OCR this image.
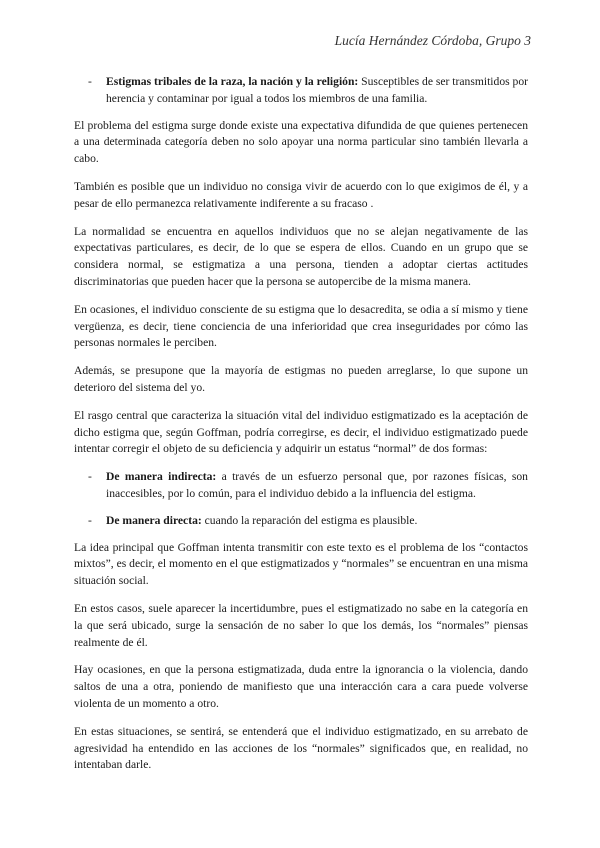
Lucía Hernández Córdoba, Grupo 3
-	Estigmas tribales de la raza, la nación y la religión: Susceptibles de ser transmitidos por herencia y contaminar por igual a todos los miembros de una familia.

El problema del estigma surge donde existe una expectativa difundida de que quienes pertenecen a una determinada categoría deben no solo apoyar una norma particular sino también llevarla a cabo.

También es posible que un individuo no consiga vivir de acuerdo con lo que exigimos de él, y a pesar de ello permanezca relativamente indiferente a su fracaso .

La normalidad se encuentra en aquellos individuos que no se alejan negativamente de las expectativas particulares, es decir, de lo que se espera de ellos. Cuando en un grupo que se considera normal, se estigmatiza a una persona, tienden a adoptar ciertas actitudes discriminatorias que pueden hacer que la persona se autopercibe de la misma manera.

En ocasiones, el individuo consciente de su estigma que lo desacredita, se odia a sí mismo y tiene vergüenza, es decir, tiene conciencia de una inferioridad que crea inseguridades por cómo las personas normales le perciben.

Además, se presupone que la mayoría de estigmas no pueden arreglarse, lo que supone un deterioro del sistema del yo.

El rasgo central que caracteriza la situación vital del individuo estigmatizado es la aceptación de dicho estigma que, según Goffman, podría corregirse, es decir, el individuo estigmatizado puede intentar corregir el objeto de su deficiencia y adquirir un estatus “normal” de dos formas:

-	De manera indirecta: a través de un esfuerzo personal que, por razones físicas, son inaccesibles, por lo común, para el individuo debido a la influencia del estigma.
-	De manera directa: cuando la reparación del estigma es plausible.

La idea principal que Goffman intenta transmitir con este texto es el problema de los “contactos mixtos”, es decir, el momento en el que estigmatizados y “normales” se encuentran en una misma situación social.

En estos casos, suele aparecer la incertidumbre, pues el estigmatizado no sabe en la categoría en la que será ubicado, surge la sensación de no saber lo que los demás, los “normales” piensas realmente de él.

Hay ocasiones, en que la persona estigmatizada, duda entre la ignorancia o la violencia, dando saltos de una a otra, poniendo de manifiesto que una interacción cara a cara puede volverse violenta de un momento a otro.

En estas situaciones, se sentirá, se entenderá que el individuo estigmatizado, en su arrebato de agresividad ha entendido en las acciones de los “normales” significados que, en realidad, no intentaban darle.
